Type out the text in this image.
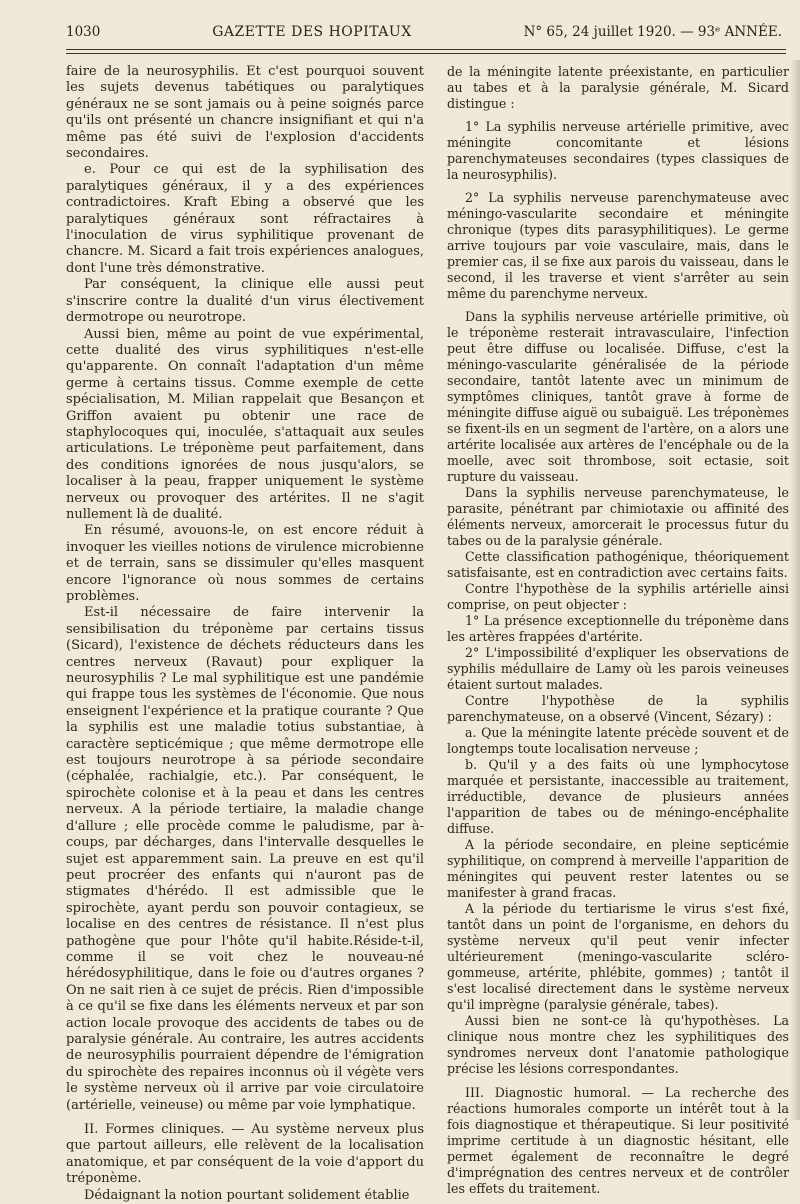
1030	GAZETTE DES HOPITAUX	N° 65, 24 juillet 1920. — 93ᵉ ANNÉE.

faire de la neurosyphilis. Et c'est pourquoi souvent les sujets devenus tabétiques ou paralytiques généraux ne se sont jamais ou à peine soignés parce qu'ils ont présenté un chancre insignifiant et qui n'a même pas été suivi de l'explosion d'accidents secondaires.

e. Pour ce qui est de la syphilisation des paralytiques généraux, il y a des expériences contradictoires. Kraft Ebing a observé que les paralytiques généraux sont réfractaires à l'inoculation de virus syphilitique provenant de chancre. M. Sicard a fait trois expériences analogues, dont l'une très démonstrative.

Par conséquent, la clinique elle aussi peut s'inscrire contre la dualité d'un virus électivement dermotrope ou neurotrope.

Aussi bien, même au point de vue expérimental, cette dualité des virus syphilitiques n'est-elle qu'apparente. On connaît l'adaptation d'un même germe à certains tissus. Comme exemple de cette spécialisation, M. Milian rappelait que Besançon et Griffon avaient pu obtenir une race de staphylocoques qui, inoculée, s'attaquait aux seules articulations. Le tréponème peut parfaitement, dans des conditions ignorées de nous jusqu'alors, se localiser à la peau, frapper uniquement le système nerveux ou provoquer des artérites. Il ne s'agit nullement là de dualité.

En résumé, avouons-le, on est encore réduit à invoquer les vieilles notions de virulence microbienne et de terrain, sans se dissimuler qu'elles masquent encore l'ignorance où nous sommes de certains problèmes.

Est-il nécessaire de faire intervenir la sensibilisation du tréponème par certains tissus (Sicard), l'existence de déchets réducteurs dans les centres nerveux (Ravaut) pour expliquer la neurosyphilis ? Le mal syphilitique est une pandémie qui frappe tous les systèmes de l'économie. Que nous enseignent l'expérience et la pratique courante ? Que la syphilis est une maladie totius substantiae, à caractère septicémique ; que même dermotrope elle est toujours neurotrope à sa période secondaire (céphalée, rachialgie, etc.). Par conséquent, le spirochète colonise et à la peau et dans les centres nerveux. A la période tertiaire, la maladie change d'allure ; elle procède comme le paludisme, par à-coups, par décharges, dans l'intervalle desquelles le sujet est apparemment sain. La preuve en est qu'il peut procréer des enfants qui n'auront pas de stigmates d'hérédo. Il est admissible que le spirochète, ayant perdu son pouvoir contagieux, se localise en des centres de résistance. Il n'est plus pathogène que pour l'hôte qu'il habite.Réside-t-il, comme il se voit chez le nouveau-né hérédosyphilitique, dans le foie ou d'autres organes ? On ne sait rien à ce sujet de précis. Rien d'impossible à ce qu'il se fixe dans les éléments nerveux et par son action locale provoque des accidents de tabes ou de paralysie générale. Au contraire, les autres accidents de neurosyphilis pourraient dépendre de l'émigration du spirochète des repaires inconnus où il végète vers le système nerveux où il arrive par voie circulatoire (artérielle, veineuse) ou même par voie lymphatique.

II. Formes cliniques. — Au système nerveux plus que partout ailleurs, elle relèvent de la localisation anatomique, et par conséquent de la voie d'apport du tréponème.

Dédaignant la notion pourtant solidement établie

de la méningite latente préexistante, en particulier au tabes et à la paralysie générale, M. Sicard distingue :

1° La syphilis nerveuse artérielle primitive, avec méningite concomitante et lésions parenchymateuses secondaires (types classiques de la neurosyphilis).

2° La syphilis nerveuse parenchymateuse avec méningo-vascularite secondaire et méningite chronique (types dits parasyphilitiques). Le germe arrive toujours par voie vasculaire, mais, dans le premier cas, il se fixe aux parois du vaisseau, dans le second, il les traverse et vient s'arrêter au sein même du parenchyme nerveux.

Dans la syphilis nerveuse artérielle primitive, où le tréponème resterait intravasculaire, l'infection peut être diffuse ou localisée. Diffuse, c'est la méningo-vascularite généralisée de la période secondaire, tantôt latente avec un minimum de symptômes cliniques, tantôt grave à forme de méningite diffuse aiguë ou subaiguë. Les tréponèmes se fixent-ils en un segment de l'artère, on a alors une artérite localisée aux artères de l'encéphale ou de la moelle, avec soit thrombose, soit ectasie, soit rupture du vaisseau.

Dans la syphilis nerveuse parenchymateuse, le parasite, pénétrant par chimiotaxie ou affinité des éléments nerveux, amorcerait le processus futur du tabes ou de la paralysie générale.

Cette classification pathogénique, théoriquement satisfaisante, est en contradiction avec certains faits.

Contre l'hypothèse de la syphilis artérielle ainsi comprise, on peut objecter :

1° La présence exceptionnelle du tréponème dans les artères frappées d'artérite.

2° L'impossibilité d'expliquer les observations de syphilis médullaire de Lamy où les parois veineuses étaient surtout malades.

Contre l'hypothèse de la syphilis parenchymateuse, on a observé (Vincent, Sézary) :

a. Que la méningite latente précède souvent et de longtemps toute localisation nerveuse ;

b. Qu'il y a des faits où une lymphocytose marquée et persistante, inaccessible au traitement, irréductible, devance de plusieurs années l'apparition de tabes ou de méningo-encéphalite diffuse.

A la période secondaire, en pleine septicémie syphilitique, on comprend à merveille l'apparition de méningites qui peuvent rester latentes ou se manifester à grand fracas.

A la période du tertiarisme le virus s'est fixé, tantôt dans un point de l'organisme, en dehors du système nerveux qu'il peut venir infecter ultérieurement (meningo-vascularite scléro-gommeuse, artérite, phlébite, gommes) ; tantôt il s'est localisé directement dans le système nerveux qu'il imprègne (paralysie générale, tabes).

Aussi bien ne sont-ce là qu'hypothèses. La clinique nous montre chez les syphilitiques des syndromes nerveux dont l'anatomie pathologique précise les lésions correspondantes.

III. Diagnostic humoral. — La recherche des réactions humorales comporte un intérêt tout à la fois diagnostique et thérapeutique. Si leur positivité imprime certitude à un diagnostic hésitant, elle permet également de reconnaître le degré d'imprégnation des centres nerveux et de contrôler les effets du traitement.
